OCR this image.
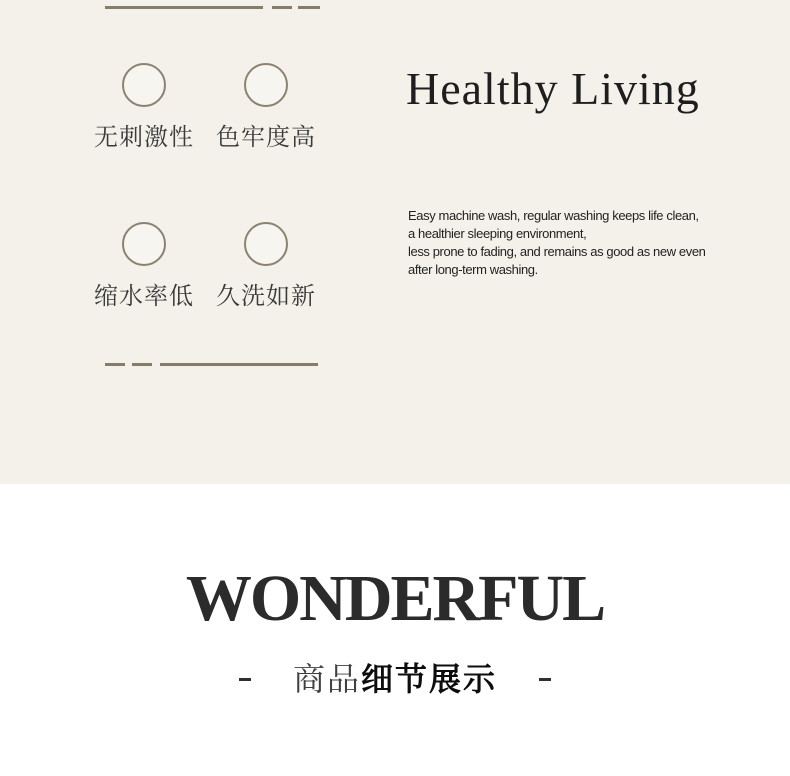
无刺激性 色牢度高
缩水率低 久洗如新
Healthy Living
Easy machine wash, regular washing keeps life clean,
a healthier sleeping environment,
less prone to fading, and remains as good as new even
after long-term washing.
WONDERFUL
商品细节展示
